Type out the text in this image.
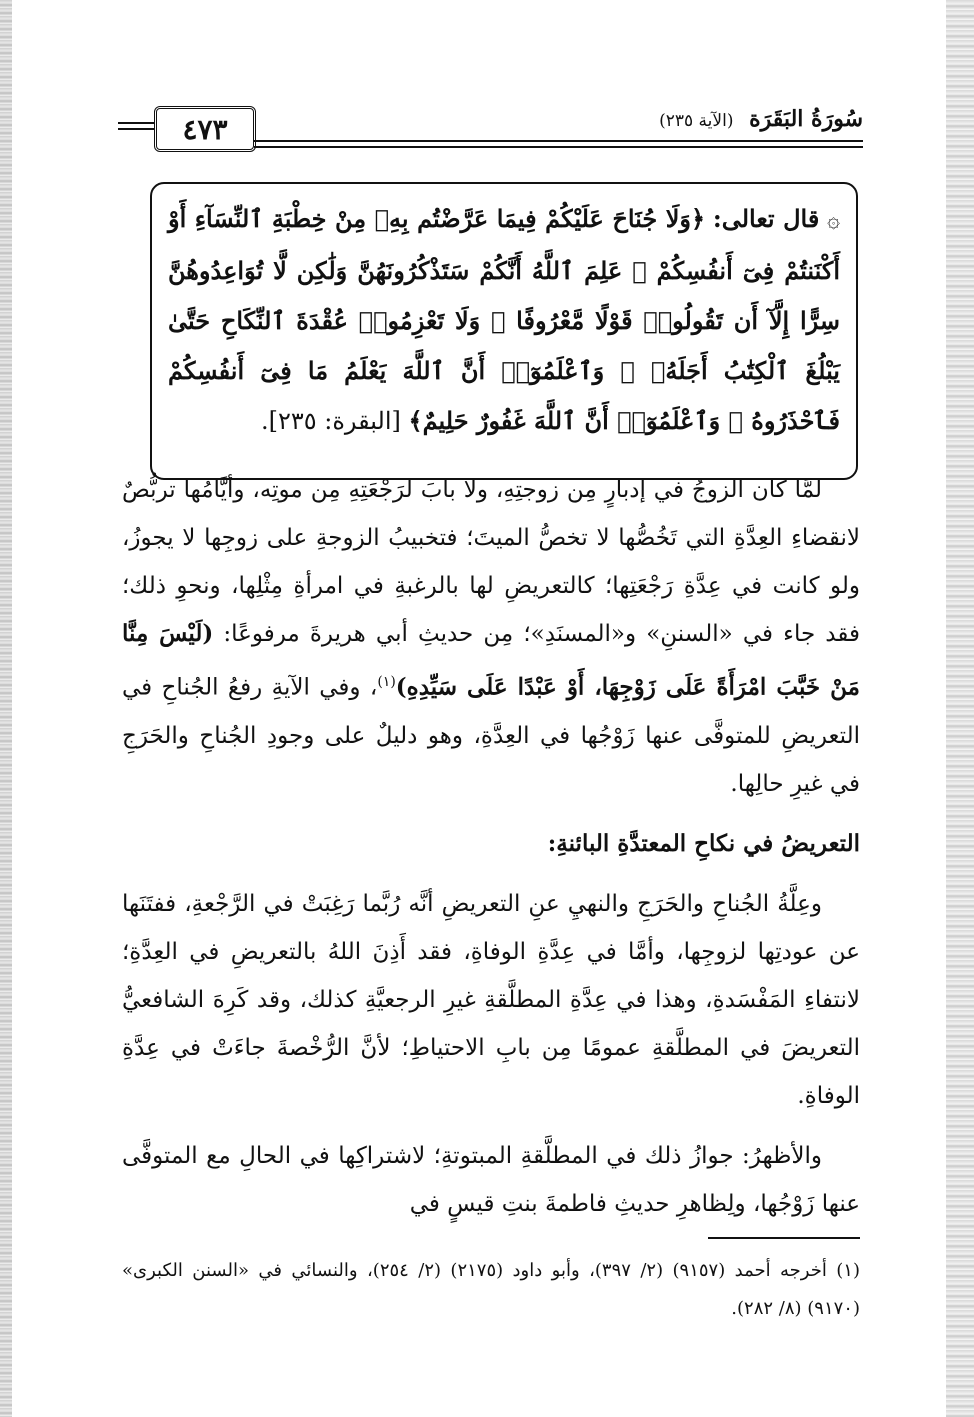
٤٧٣	سُورَةُ البَقَرَة (الآية ٢٣٥)
۞ قال تعالى: ﴿وَلَا جُنَاحَ عَلَيْكُمْ فِيمَا عَرَّضْتُم بِهِۦ مِنْ خِطْبَةِ ٱلنِّسَآءِ أَوْ أَكْنَنتُمْ فِىٓ أَنفُسِكُمْ ۚ عَلِمَ ٱللَّهُ أَنَّكُمْ سَتَذْكُرُونَهُنَّ وَلَٰكِن لَّا تُوَاعِدُوهُنَّ سِرًّا إِلَّآ أَن تَقُولُوا۟ قَوْلًا مَّعْرُوفًا ۚ وَلَا تَعْزِمُوا۟ عُقْدَةَ ٱلنِّكَاحِ حَتَّىٰ يَبْلُغَ ٱلْكِتَٰبُ أَجَلَهُۥ ۚ وَٱعْلَمُوٓا۟ أَنَّ ٱللَّهَ يَعْلَمُ مَا فِىٓ أَنفُسِكُمْ فَٱحْذَرُوهُ ۚ وَٱعْلَمُوٓا۟ أَنَّ ٱللَّهَ غَفُورٌ حَلِيمٌ﴾ [البقرة: ٢٣٥].

لمَّا كان الزوجُ في إدبارٍ مِن زوجتِهِ، ولا بابَ لرَجْعَتِهِ مِن موتِه، وأيَّامُها تربُّصٌ لانقضاءِ العِدَّةِ التي تَخُصُّها لا تخصُّ الميتَ؛ فتخبيبُ الزوجةِ على زوجِها لا يجوزُ، ولو كانت في عِدَّةِ رَجْعَتِها؛ كالتعريضِ لها بالرغبةِ في امرأةِ مِثْلِها، ونحوِ ذلك؛ فقد جاء في «السننِ» و«المسنَدِ»؛ مِن حديثِ أبي هريرةَ مرفوعًا: (لَيْسَ مِنَّا مَنْ خَبَّبَ امْرَأَةً عَلَى زَوْجِهَا، أَوْ عَبْدًا عَلَى سَيِّدِهِ)$^{(١)}$، وفي الآيةِ رفعُ الجُناحِ في التعريضِ للمتوفَّى عنها زَوْجُها في العِدَّةِ، وهو دليلٌ على وجودِ الجُناحِ والحَرَجِ في غيرِ حالِها.

التعريضُ في نكاحِ المعتدَّةِ البائنةِ:

وعِلَّةُ الجُناحِ والحَرَجِ والنهيِ عنِ التعريضِ أنَّه رُبَّما رَغِبَتْ في الرَّجْعةِ، ففتَنَها عن عودتِها لزوجِها، وأمَّا في عِدَّةِ الوفاةِ، فقد أَذِنَ اللهُ بالتعريضِ في العِدَّةِ؛ لانتفاءِ المَفْسَدةِ، وهذا في عِدَّةِ المطلَّقةِ غيرِ الرجعيَّةِ كذلك، وقد كَرِهَ الشافعيُّ التعريضَ في المطلَّقةِ عمومًا مِن بابِ الاحتياطِ؛ لأنَّ الرُّخْصةَ جاءَتْ في عِدَّةِ الوفاةِ.

والأظهرُ: جوازُ ذلك في المطلَّقةِ المبتوتةِ؛ لاشتراكِها في الحالِ مع المتوفَّى عنها زَوْجُها، ولِظاهرِ حديثِ فاطمةَ بنتِ قيسٍ في

(١) أخرجه أحمد (٩١٥٧) (٢/ ٣٩٧)، وأبو داود (٢١٧٥) (٢/ ٢٥٤)، والنسائي في «السنن الكبرى» (٩١٧٠) (٨/ ٢٨٢).
